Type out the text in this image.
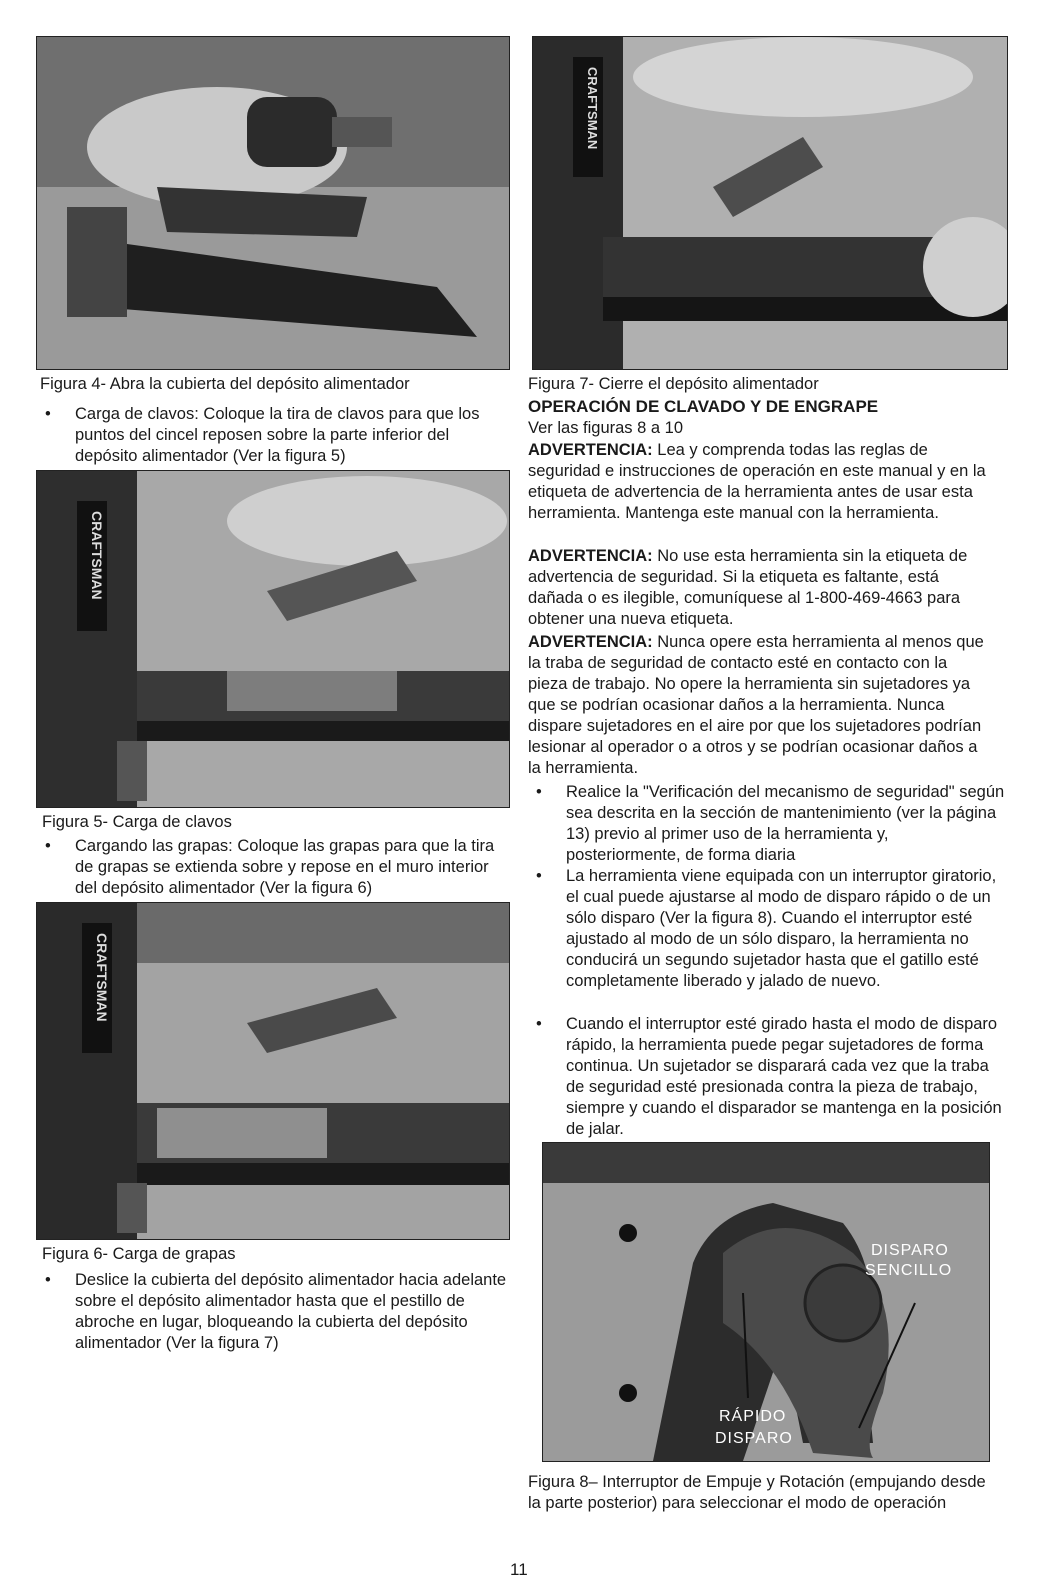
Figura 4- Abra la cubierta del depósito alimentador
• Carga de clavos: Coloque la tira de clavos para que los puntos del cincel reposen sobre la parte inferior del depósito alimentador (Ver la figura 5)
CRAFTSMAN
Figura 5- Carga de clavos
• Cargando las grapas: Coloque las grapas para que la tira de grapas se extienda sobre y repose en el muro interior del depósito alimentador (Ver la figura 6)
CRAFTSMAN
Figura 6- Carga de grapas
• Deslice la cubierta del depósito alimentador hacia adelante sobre el depósito alimentador hasta que el pestillo de abroche en lugar, bloqueando la cubierta del depósito alimentador (Ver la figura 7)
CRAFTSMAN
Figura 7- Cierre el depósito alimentador
OPERACIÓN DE CLAVADO Y DE ENGRAPE
Ver las figuras 8 a 10
ADVERTENCIA: Lea y comprenda todas las reglas de seguridad e instrucciones de operación en este manual y en la etiqueta de advertencia de la herramienta antes de usar esta herramienta. Mantenga este manual con la herramienta.
ADVERTENCIA: No use esta herramienta sin la etiqueta de advertencia de seguridad. Si la etiqueta es faltante, está dañada o es ilegible, comuníquese al 1-800-469-4663 para obtener una nueva etiqueta.
ADVERTENCIA: Nunca opere esta herramienta al menos que la traba de seguridad de contacto esté en contacto con la pieza de trabajo. No opere la herramienta sin sujetadores ya que se podrían ocasionar daños a la herramienta. Nunca dispare sujetadores en el aire por que los sujetadores podrían lesionar al operador o a otros y se podrían ocasionar daños a la herramienta.
• Realice la "Verificación del mecanismo de seguridad" según sea descrita en la sección de mantenimiento (ver la página 13) previo al primer uso de la herramienta y, posteriormente, de forma diaria
• La herramienta viene equipada con un interruptor giratorio, el cual puede ajustarse al modo de disparo rápido o de un sólo disparo (Ver la figura 8). Cuando el interruptor esté ajustado al modo de un sólo disparo, la herramienta no conducirá un segundo sujetador hasta que el gatillo esté completamente liberado y jalado de nuevo.
• Cuando el interruptor esté girado hasta el modo de disparo rápido, la herramienta puede pegar sujetadores de forma continua. Un sujetador se disparará cada vez que la traba de seguridad esté presionada contra la pieza de trabajo, siempre y cuando el disparador se mantenga en la posición de jalar.
DISPARO
SENCILLO
RÁPIDO
DISPARO
Figura 8– Interruptor de Empuje y Rotación (empujando desde la parte posterior) para seleccionar el modo de operación
11
